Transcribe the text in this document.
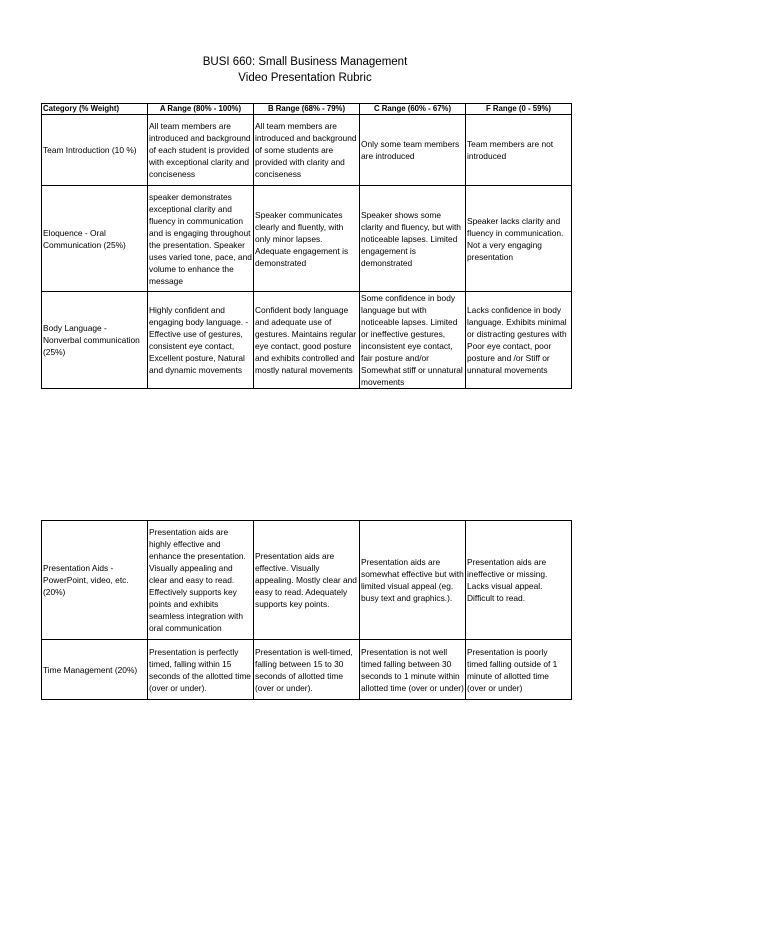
BUSI 660: Small Business Management
Video Presentation Rubric
Category (% Weight)	A Range (80% - 100%)	B Range (68% - 79%)	C Range (60% - 67%)	F Range (0 - 59%)
Team Introduction (10 %)	All team members are introduced and background of each student is provided with exceptional clarity and conciseness	All team members are introduced and background of some students are provided with clarity and conciseness	Only some team members are introduced	Team members are not introduced
Eloquence - Oral Communication (25%)	speaker demonstrates exceptional clarity and fluency in communication and is engaging throughout the presentation. Speaker uses varied tone, pace, and volume to enhance the message	Speaker communicates clearly and fluently, with only minor lapses. Adequate engagement is demonstrated	Speaker shows some clarity and fluency, but with noticeable lapses. Limited engagement is demonstrated	Speaker lacks clarity and fluency in communication. Not a very engaging presentation
Body Language - Nonverbal communication (25%)	Highly confident and engaging body language. - Effective use of gestures, consistent eye contact, Excellent posture, Natural and dynamic movements	Confident body language and adequate use of gestures. Maintains regular eye contact, good posture and exhibits controlled and mostly natural movements	Some confidence in body language but with noticeable lapses. Limited or ineffective gestures, inconsistent eye contact, fair posture and/or Somewhat stiff or unnatural movements	Lacks confidence in body language. Exhibits minimal or distracting gestures with Poor eye contact, poor posture and /or Stiff or unnatural movements
Presentation Aids - PowerPoint, video, etc. (20%)	Presentation aids are highly effective and enhance the presentation. Visually appealing and clear and easy to read. Effectively supports key points and exhibits seamless integration with oral communication	Presentation aids are effective. Visually appealing. Mostly clear and easy to read. Adequately supports key points.	Presentation aids are somewhat effective but with limited visual appeal (eg. busy text and graphics.).	Presentation aids are ineffective or missing. Lacks visual appeal. Difficult to read.
Time Management (20%)	Presentation is perfectly timed, falling within 15 seconds of the allotted time (over or under).	Presentation is well-timed, falling between 15 to 30 seconds of allotted time (over or under).	Presentation is not well timed falling between 30 seconds to 1 minute within allotted time (over or under)	Presentation is poorly timed falling outside of 1 minute of allotted time (over or under)
